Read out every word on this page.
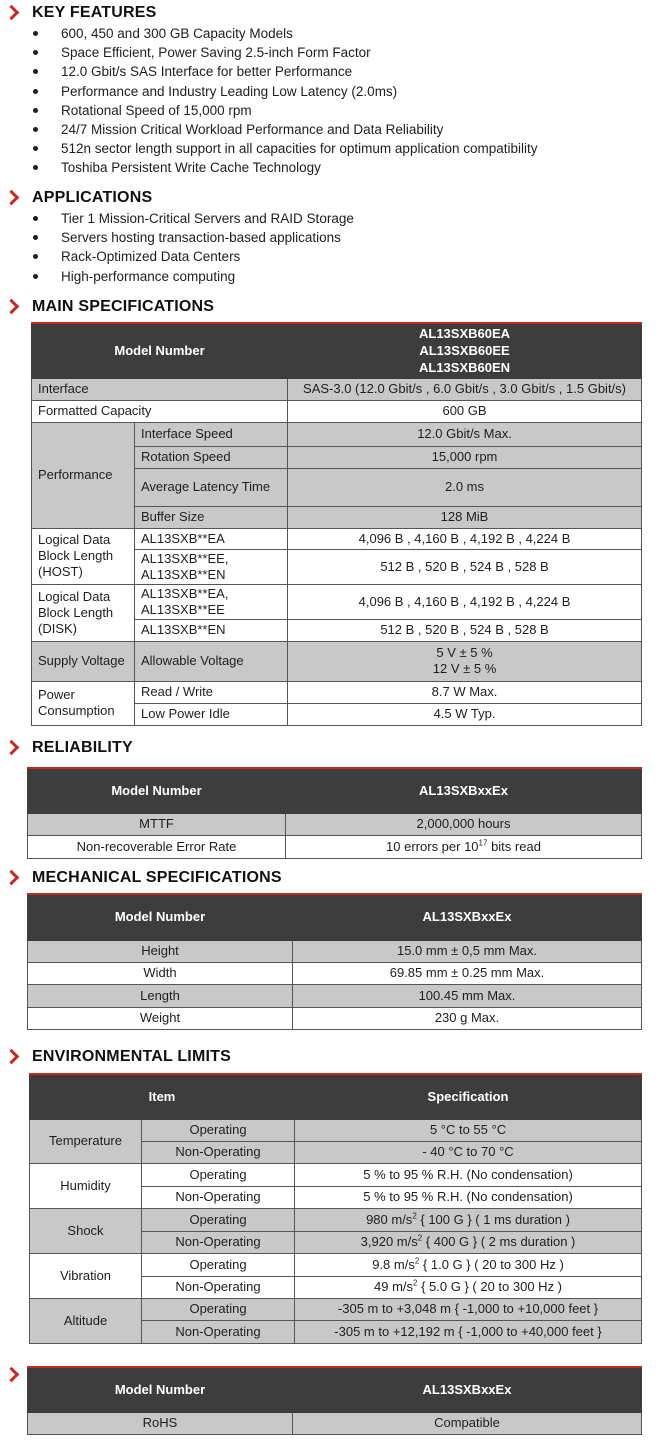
KEY FEATURES
600, 450 and 300 GB Capacity Models
Space Efficient, Power Saving 2.5-inch Form Factor
12.0 Gbit/s SAS Interface for better Performance
Performance and Industry Leading Low Latency (2.0ms)
Rotational Speed of 15,000 rpm
24/7 Mission Critical Workload Performance and Data Reliability
512n sector length support in all capacities for optimum application compatibility
Toshiba Persistent Write Cache Technology
APPLICATIONS
Tier 1 Mission-Critical Servers and RAID Storage
Servers hosting transaction-based applications
Rack-Optimized Data Centers
High-performance computing
MAIN SPECIFICATIONS
Model Number		AL13SXB60EA
AL13SXB60EE
AL13SXB60EN

Interface		SAS-3.0 (12.0 Gbit/s , 6.0 Gbit/s , 3.0 Gbit/s , 1.5 Gbit/s)
Formatted Capacity		600 GB
Performance	Interface Speed	12.0 Gbit/s Max.
	Rotation Speed	15,000 rpm
	Average Latency Time	2.0 ms
	Buffer Size	128 MiB
Logical Data Block Length (HOST)	AL13SXB**EA	4,096 B , 4,160 B , 4,192 B , 4,224 B
	AL13SXB**EE, AL13SXB**EN	512 B , 520 B , 524 B , 528 B
Logical Data Block Length (DISK)	AL13SXB**EA, AL13SXB**EE	4,096 B , 4,160 B , 4,192 B , 4,224 B
	AL13SXB**EN	512 B , 520 B , 524 B , 528 B
Supply Voltage	Allowable Voltage	5 V ± 5 %
12 V ± 5 %

Power Consumption	Read / Write	8.7 W Max.
	Low Power Idle	4.5 W Typ.
RELIABILITY
Model Number	AL13SXBxxEx
MTTF	2,000,000 hours
Non-recoverable Error Rate	10 errors per $10^{17}$ bits read
MECHANICAL SPECIFICATIONS
Model Number	AL13SXBxxEx
Height	15.0 mm ± 0,5 mm Max.
Width	69.85 mm ± 0.25 mm Max.
Length	100.45 mm Max.
Weight	230 g Max.
ENVIRONMENTAL LIMITS
Item		Specification
Temperature	Operating	5 °C to 55 °C
	Non-Operating	- 40 °C to 70 °C
Humidity	Operating	5 % to 95 % R.H. (No condensation)
	Non-Operating	5 % to 95 % R.H. (No condensation)
Shock	Operating	980 $m/s^2$ { 100 G } ( 1 ms duration )
	Non-Operating	3,920 $m/s^2$ { 400 G } ( 2 ms duration )
Vibration	Operating	9.8 $m/s^2$ { 1.0 G } ( 20 to 300 Hz )
	Non-Operating	49 $m/s^2$ { 5.0 G } ( 20 to 300 Hz )
Altitude	Operating	-305 m to +3,048 m { -1,000 to +10,000 feet }
	Non-Operating	-305 m to +12,192 m { -1,000 to +40,000 feet }
Model Number	AL13SXBxxEx
RoHS	Compatible
